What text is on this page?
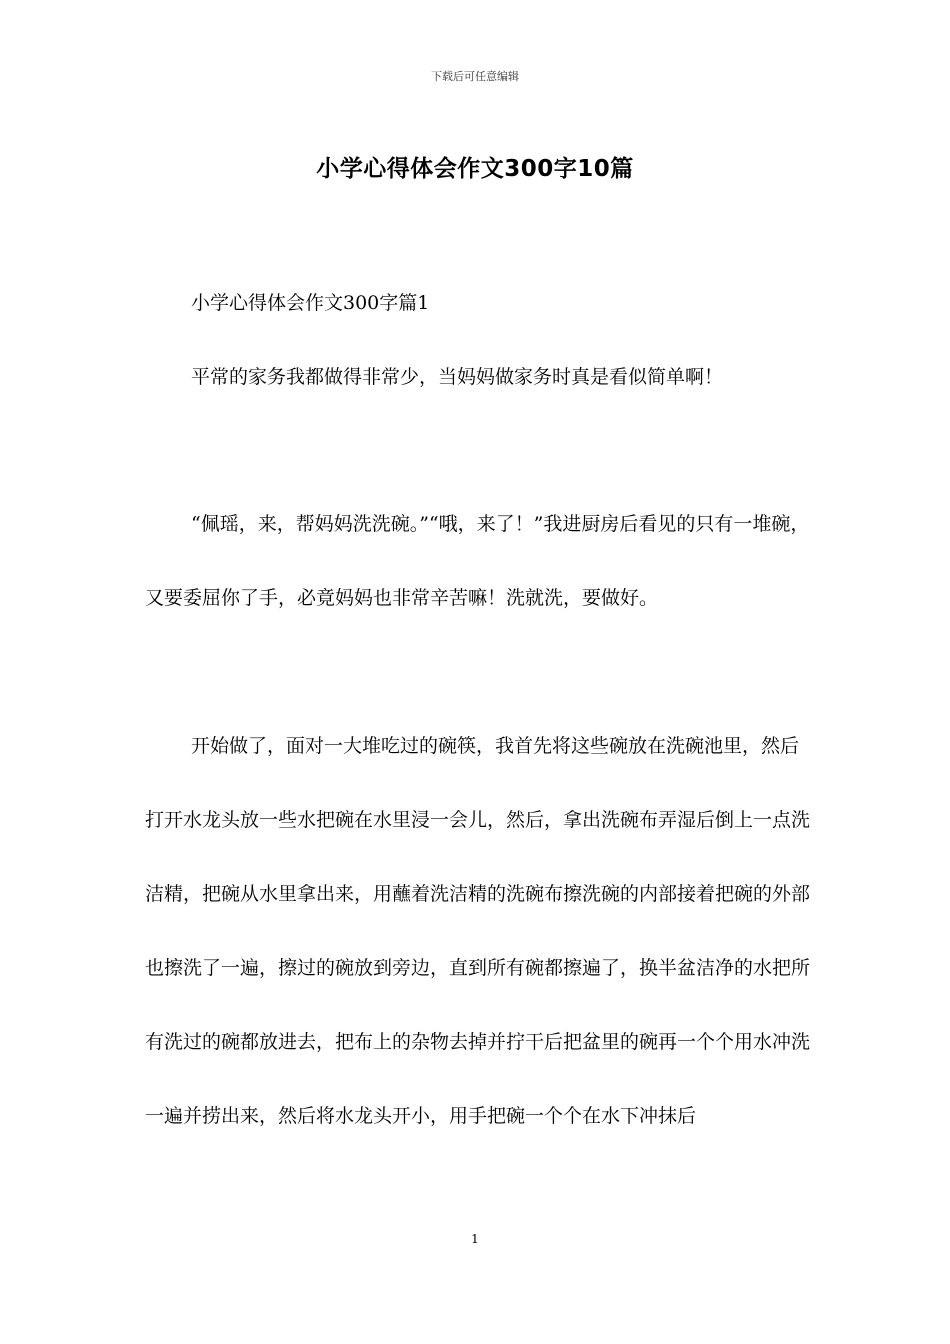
下载后可任意编辑
小学心得体会作文300字10篇

小学心得体会作文300字篇1

平常的家务我都做得非常少，当妈妈做家务时真是看似简单啊！

“佩瑶，来，帮妈妈洗洗碗。”“哦，来了！”我进厨房后看见的只有一堆碗，又要委屈你了手，必竟妈妈也非常辛苦嘛！洗就洗，要做好。

开始做了，面对一大堆吃过的碗筷，我首先将这些碗放在洗碗池里，然后打开水龙头放一些水把碗在水里浸一会儿，然后，拿出洗碗布弄湿后倒上一点洗洁精，把碗从水里拿出来，用蘸着洗洁精的洗碗布擦洗碗的内部接着把碗的外部也擦洗了一遍，擦过的碗放到旁边，直到所有碗都擦遍了，换半盆洁净的水把所有洗过的碗都放进去，把布上的杂物去掉并拧干后把盆里的碗再一个个用水冲洗一遍并捞出来，然后将水龙头开小，用手把碗一个个在水下冲抹后

1
